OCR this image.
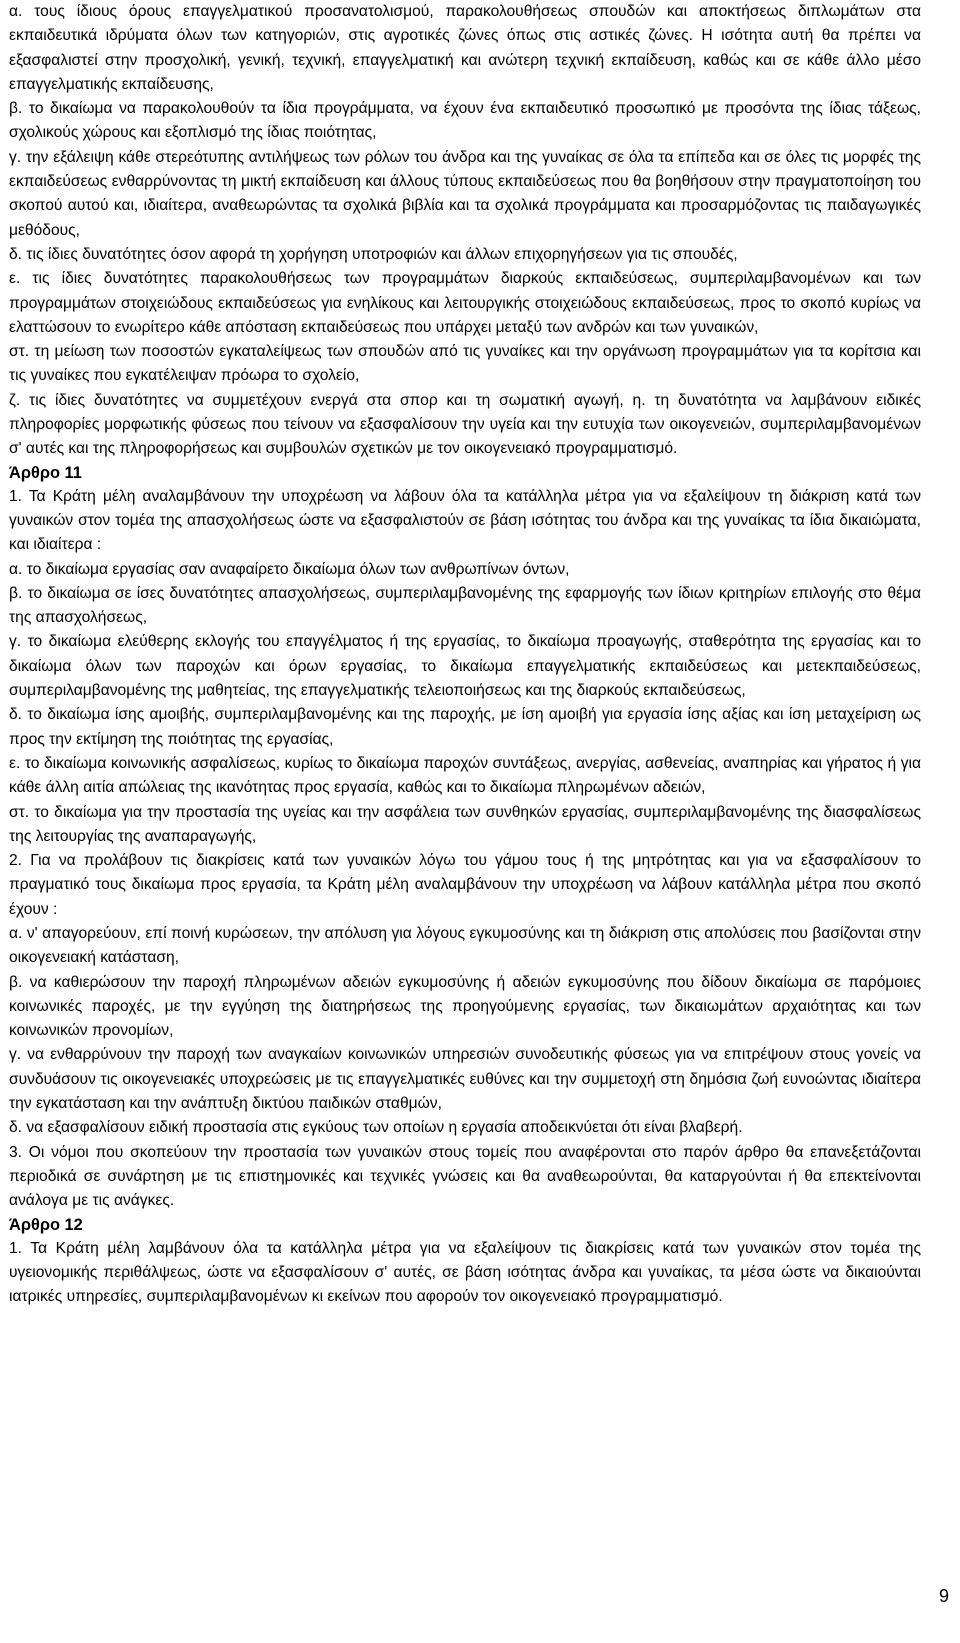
α. τους ίδιους όρους επαγγελματικού προσανατολισμού, παρακολουθήσεως σπουδών και αποκτήσεως διπλωμάτων στα εκπαιδευτικά ιδρύματα όλων των κατηγοριών, στις αγροτικές ζώνες όπως στις αστικές ζώνες. Η ισότητα αυτή θα πρέπει να εξασφαλιστεί στην προσχολική, γενική, τεχνική, επαγγελματική και ανώτερη τεχνική εκπαίδευση, καθώς και σε κάθε άλλο μέσο επαγγελματικής εκπαίδευσης,

β. το δικαίωμα να παρακολουθούν τα ίδια προγράμματα, να έχουν ένα εκπαιδευτικό προσωπικό με προσόντα της ίδιας τάξεως, σχολικούς χώρους και εξοπλισμό της ίδιας ποιότητας,

γ. την εξάλειψη κάθε στερεότυπης αντιλήψεως των ρόλων του άνδρα και της γυναίκας σε όλα τα επίπεδα και σε όλες τις μορφές της εκπαιδεύσεως ενθαρρύνοντας τη μικτή εκπαίδευση και άλλους τύπους εκπαιδεύσεως που θα βοηθήσουν στην πραγματοποίηση του σκοπού αυτού και, ιδιαίτερα, αναθεωρώντας τα σχολικά βιβλία και τα σχολικά προγράμματα και προσαρμόζοντας τις παιδαγωγικές μεθόδους,

δ. τις ίδιες δυνατότητες όσον αφορά τη χορήγηση υποτροφιών και άλλων επιχορηγήσεων για τις σπουδές,

ε. τις ίδιες δυνατότητες παρακολουθήσεως των προγραμμάτων διαρκούς εκπαιδεύσεως, συμπεριλαμβανομένων και των προγραμμάτων στοιχειώδους εκπαιδεύσεως για ενηλίκους και λειτουργικής στοιχειώδους εκπαιδεύσεως, προς το σκοπό κυρίως να ελαττώσουν το ενωρίτερο κάθε απόσταση εκπαιδεύσεως που υπάρχει μεταξύ των ανδρών και των γυναικών,

στ. τη μείωση των ποσοστών εγκαταλείψεως των σπουδών από τις γυναίκες και την οργάνωση προγραμμάτων για τα κορίτσια και τις γυναίκες που εγκατέλειψαν πρόωρα το σχολείο,

ζ. τις ίδιες δυνατότητες να συμμετέχουν ενεργά στα σπορ και τη σωματική αγωγή, η. τη δυνατότητα να λαμβάνουν ειδικές πληροφορίες μορφωτικής φύσεως που τείνουν να εξασφαλίσουν την υγεία και την ευτυχία των οικογενειών, συμπεριλαμβανομένων σ' αυτές και της πληροφορήσεως και συμβουλών σχετικών με τον οικογενειακό προγραμματισμό.

Άρθρο 11

1. Τα Κράτη μέλη αναλαμβάνουν την υποχρέωση να λάβουν όλα τα κατάλληλα μέτρα για να εξαλείψουν τη διάκριση κατά των γυναικών στον τομέα της απασχολήσεως ώστε να εξασφαλιστούν σε βάση ισότητας του άνδρα και της γυναίκας τα ίδια δικαιώματα, και ιδιαίτερα :

α. το δικαίωμα εργασίας σαν αναφαίρετο δικαίωμα όλων των ανθρωπίνων όντων,

β. το δικαίωμα σε ίσες δυνατότητες απασχολήσεως, συμπεριλαμβανομένης της εφαρμογής των ίδιων κριτηρίων επιλογής στο θέμα της απασχολήσεως,

γ. το δικαίωμα ελεύθερης εκλογής του επαγγέλματος ή της εργασίας, το δικαίωμα προαγωγής, σταθερότητα της εργασίας και το δικαίωμα όλων των παροχών και όρων εργασίας, το δικαίωμα επαγγελματικής εκπαιδεύσεως και μετεκπαιδεύσεως, συμπεριλαμβανομένης της μαθητείας, της επαγγελματικής τελειοποιήσεως και της διαρκούς εκπαιδεύσεως,

δ. το δικαίωμα ίσης αμοιβής, συμπεριλαμβανομένης και της παροχής, με ίση αμοιβή για εργασία ίσης αξίας και ίση μεταχείριση ως προς την εκτίμηση της ποιότητας της εργασίας,

ε. το δικαίωμα κοινωνικής ασφαλίσεως, κυρίως το δικαίωμα παροχών συντάξεως, ανεργίας, ασθενείας, αναπηρίας και γήρατος ή για κάθε άλλη αιτία απώλειας της ικανότητας προς εργασία, καθώς και το δικαίωμα πληρωμένων αδειών,

στ. το δικαίωμα για την προστασία της υγείας και την ασφάλεια των συνθηκών εργασίας, συμπεριλαμβανομένης της διασφαλίσεως της λειτουργίας της αναπαραγωγής,

2. Για να προλάβουν τις διακρίσεις κατά των γυναικών λόγω του γάμου τους ή της μητρότητας και για να εξασφαλίσουν το πραγματικό τους δικαίωμα προς εργασία, τα Κράτη μέλη αναλαμβάνουν την υποχρέωση να λάβουν κατάλληλα μέτρα που σκοπό έχουν :

α. ν' απαγορεύουν, επί ποινή κυρώσεων, την απόλυση για λόγους εγκυμοσύνης και τη διάκριση στις απολύσεις που βασίζονται στην οικογενειακή κατάσταση,

β. να καθιερώσουν την παροχή πληρωμένων αδειών εγκυμοσύνης ή αδειών εγκυμοσύνης που δίδουν δικαίωμα σε παρόμοιες κοινωνικές παροχές, με την εγγύηση της διατηρήσεως της προηγούμενης εργασίας, των δικαιωμάτων αρχαιότητας και των κοινωνικών προνομίων,

γ. να ενθαρρύνουν την παροχή των αναγκαίων κοινωνικών υπηρεσιών συνοδευτικής φύσεως για να επιτρέψουν στους γονείς να συνδυάσουν τις οικογενειακές υποχρεώσεις με τις επαγγελματικές ευθύνες και την συμμετοχή στη δημόσια ζωή ευνοώντας ιδιαίτερα την εγκατάσταση και την ανάπτυξη δικτύου παιδικών σταθμών,

δ. να εξασφαλίσουν ειδική προστασία στις εγκύους των οποίων η εργασία αποδεικνύεται ότι είναι βλαβερή.

3. Οι νόμοι που σκοπεύουν την προστασία των γυναικών στους τομείς που αναφέρονται στο παρόν άρθρο θα επανεξετάζονται περιοδικά σε συνάρτηση με τις επιστημονικές και τεχνικές γνώσεις και θα αναθεωρούνται, θα καταργούνται ή θα επεκτείνονται ανάλογα με τις ανάγκες.

Άρθρο 12

1. Τα Κράτη μέλη λαμβάνουν όλα τα κατάλληλα μέτρα για να εξαλείψουν τις διακρίσεις κατά των γυναικών στον τομέα της υγειονομικής περιθάλψεως, ώστε να εξασφαλίσουν σ' αυτές, σε βάση ισότητας άνδρα και γυναίκας, τα μέσα ώστε να δικαιούνται ιατρικές υπηρεσίες, συμπεριλαμβανομένων κι εκείνων που αφορούν τον οικογενειακό προγραμματισμό.

9
